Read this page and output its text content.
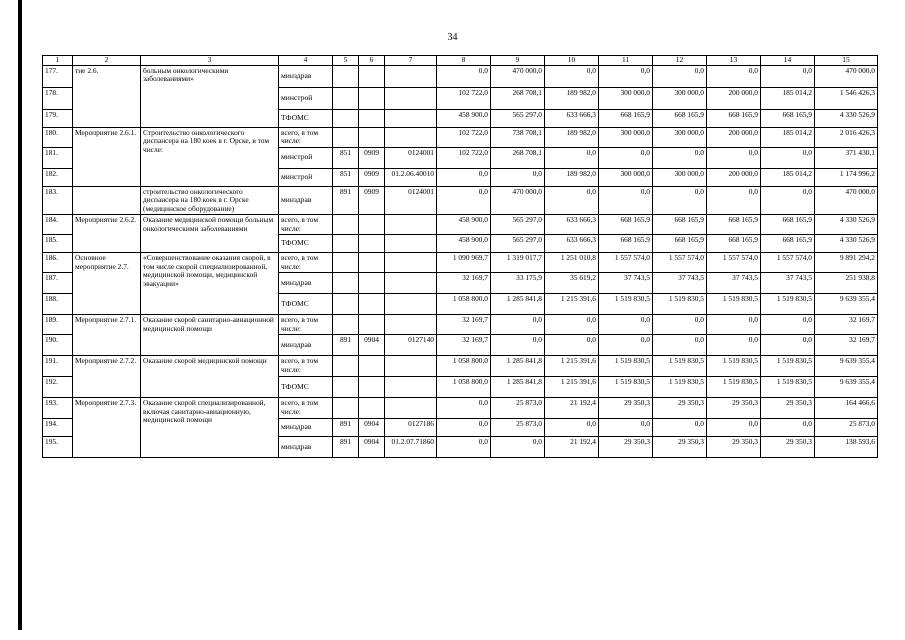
34
1	2	3	4	5	6	7	8	9	10	11	12	13	14	15
177.	тие 2.6.	больным онкологическими заболеваниями»	минздрав				0,0	470 000,0	0,0	0,0	0,0	0,0	0,0	470 000,0
178.			минстрой				102 722,0	268 708,1	189 982,0	300 000,0	300 000,0	200 000,0	185 014,2	1 546 426,3
179.			ТФОМС				458 900,0	565 297,0	633 666,3	668 165,9	668 165,9	668 165,9	668 165,9	4 330 526,9
180.	Мероприятие 2.6.1.	Строительство онкологического диспансера на 180 коек в г. Орске, в том числе:	всего, в том числе:				102 722,0	738 708,1	189 982,0	300 000,0	300 000,0	200 000,0	185 014,2	2 016 426,3
181.			минстрой	851	0909	0124001	102 722,0	268 708,1	0,0	0,0	0,0	0,0	0,0	371 430,1
182.			минстрой	851	0909	01.2.06.40010	0,0	0,0	189 982,0	300 000,0	300 000,0	200 000,0	185 014,2	1 174 996,2
183.		строительство онкологического диспансера на 180 коек в г. Орске (медицинское оборудование)	минздрав	891	0909	0124001	0,0	470 000,0	0,0	0,0	0,0	0,0	0,0	470 000,0
184.	Мероприятие 2.6.2.	Оказание медицинской помощи больным онкологическими заболеваниями	всего, в том числе:				458 900,0	565 297,0	633 666,3	668 165,9	668 165,9	668 165,9	668 165,9	4 330 526,9
185.			ТФОМС				458 900,0	565 297,0	633 666,3	668 165,9	668 165,9	668 165,9	668 165,9	4 330 526,9
186.	Основное мероприятие 2.7.	«Совершенствование оказания скорой, в том числе скорой специализированной, медицинской помощи, медицинской эвакуации»	всего, в том числе:				1 090 969,7	1 319 017,7	1 251 010,8	1 557 574,0	1 557 574,0	1 557 574,0	1 557 574,0	9 891 294,2
187.			минздрав				32 169,7	33 175,9	35 619,2	37 743,5	37 743,5	37 743,5	37 743,5	251 938,8
188.			ТФОМС				1 058 800,0	1 285 841,8	1 215 391,6	1 519 830,5	1 519 830,5	1 519 830,5	1 519 830,5	9 639 355,4
189.	Мероприятие 2.7.1.	Оказание скорой санитарно-авиационной медицинской помощи	всего, в том числе:				32 169,7	0,0	0,0	0,0	0,0	0,0	0,0	32 169,7
190.			минздрав	891	0904	0127140	32 169,7	0,0	0,0	0,0	0,0	0,0	0,0	32 169,7
191.	Мероприятие 2.7.2.	Оказание скорой медицинской помощи	всего, в том числе:				1 058 800,0	1 285 841,8	1 215 391,6	1 519 830,5	1 519 830,5	1 519 830,5	1 519 830,5	9 639 355,4
192.			ТФОМС				1 058 800,0	1 285 841,8	1 215 391,6	1 519 830,5	1 519 830,5	1 519 830,5	1 519 830,5	9 639 355,4
193.	Мероприятие 2.7.3.	Оказание скорой специализированной, включая санитарно-авиационную, медицинской помощи	всего, в том числе:				0,0	25 873,0	21 192,4	29 350,3	29 350,3	29 350,3	29 350,3	164 466,6
194.			минздрав	891	0904	0127186	0,0	25 873,0	0,0	0,0	0,0	0,0	0,0	25 873,0
195.			минздрав	891	0904	01.2.07.71860	0,0	0,0	21 192,4	29 350,3	29 350,3	29 350,3	29 350,3	138 593,6
